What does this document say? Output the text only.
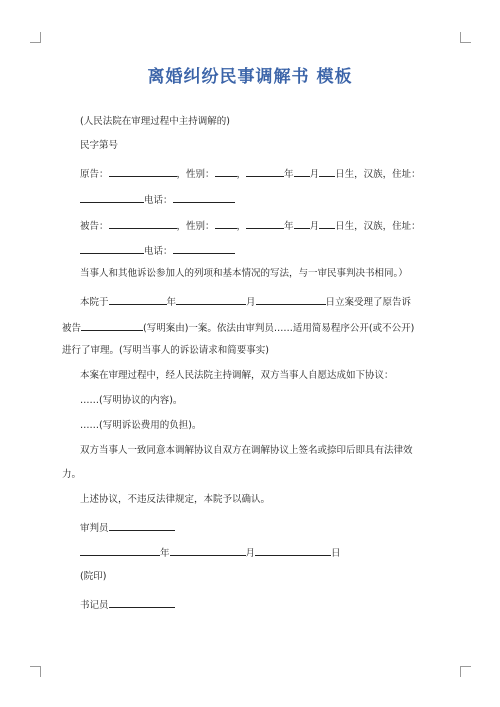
离婚纠纷民事调解书 模板
(人民法院在审理过程中主持调解的)
民字第号
原告：	，性别： ，	年 月 日生，汉族，住址：
电话：
被告：	，性别： ，	年 月 日生，汉族，住址：
电话：
当事人和其他诉讼参加人的列项和基本情况的写法，与一审民事判决书相同。）
本院于	年	月	日立案受理了原告诉
被告	(写明案由)一案。依法由审判员……适用简易程序公开(或不公开)
进行了审理。(写明当事人的诉讼请求和简要事实)
本案在审理过程中，经人民法院主持调解，双方当事人自愿达成如下协议：
……(写明协议的内容)。
……(写明诉讼费用的负担)。
双方当事人一致同意本调解协议自双方在调解协议上签名或捺印后即具有法律效
力。
上述协议，不违反法律规定，本院予以确认。
审判员
年	月	日
(院印)
书记员
